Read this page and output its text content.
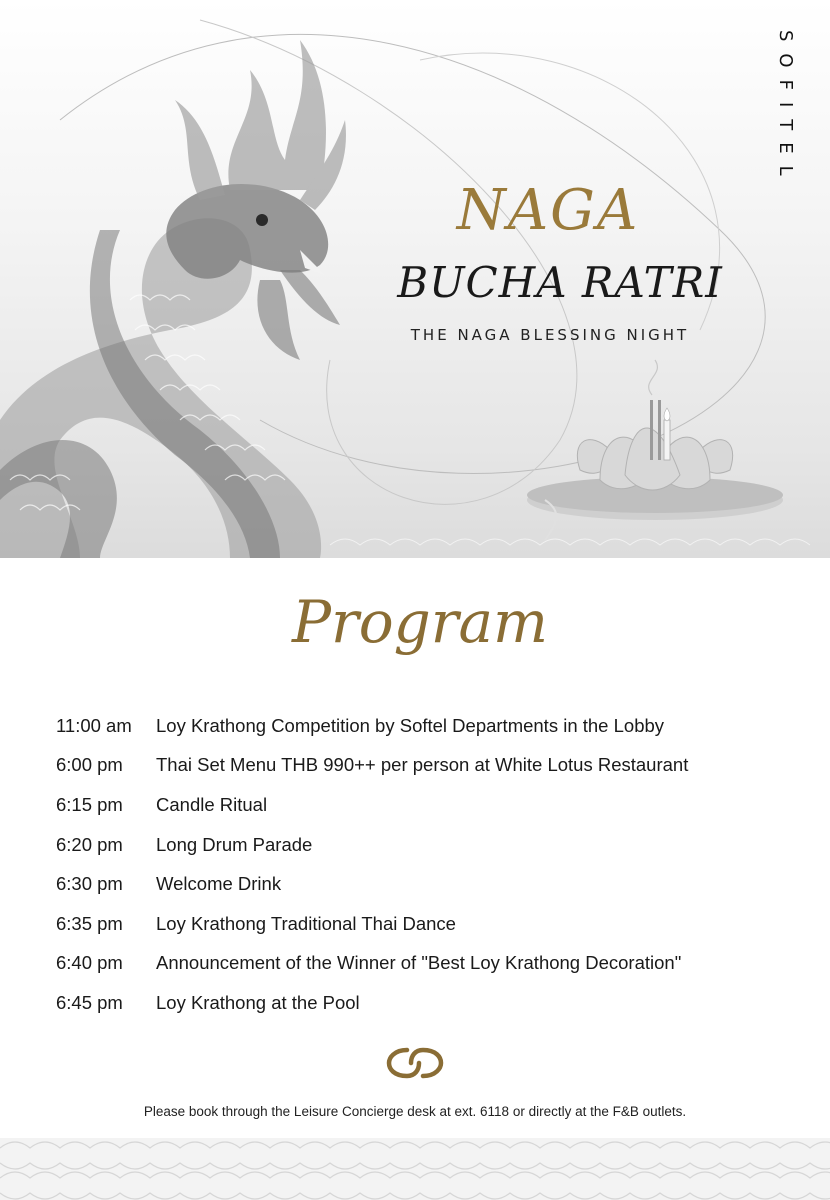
SOFITEL
NAGA
BUCHA RATRI
THE NAGA BLESSING NIGHT
Program
11:00 am	Loy Krathong Competition by Softel Departments in the Lobby
6:00 pm	Thai Set Menu THB 990++ per person at White Lotus Restaurant
6:15 pm	Candle Ritual
6:20 pm	Long Drum Parade
6:30 pm	Welcome Drink
6:35 pm	Loy Krathong Traditional Thai Dance
6:40 pm	Announcement of the Winner of "Best Loy Krathong Decoration"
6:45 pm	Loy Krathong at the Pool
Please book through the Leisure Concierge desk at ext. 6118 or directly at the F&B outlets.
